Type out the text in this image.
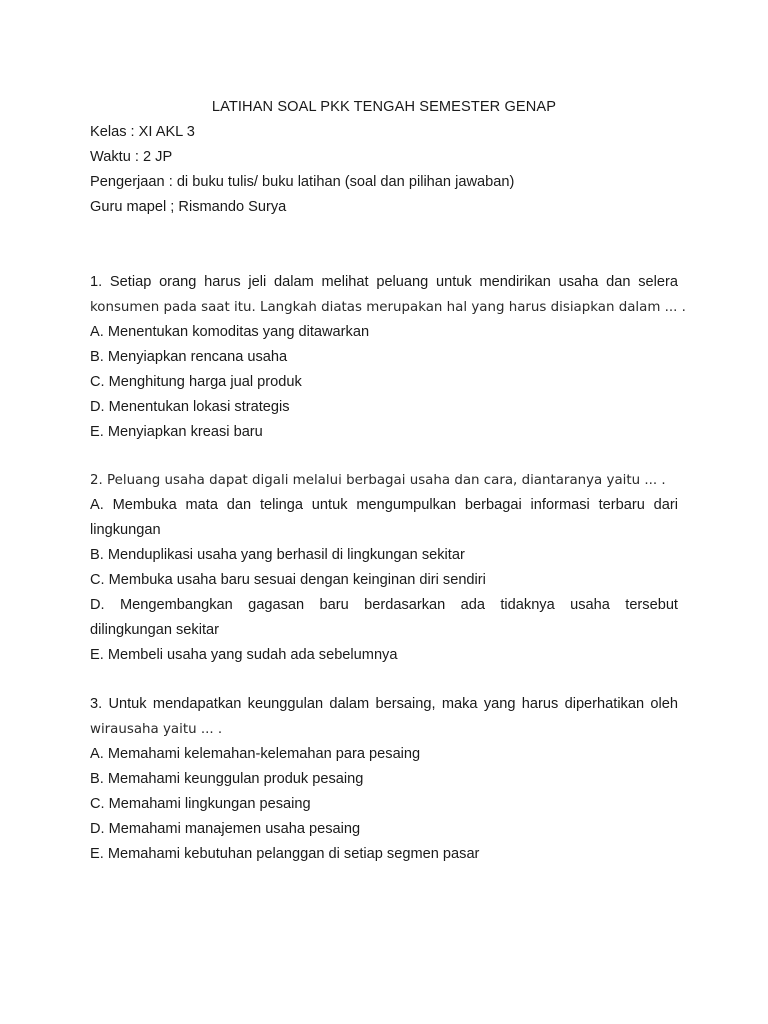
LATIHAN SOAL PKK TENGAH SEMESTER GENAP
Kelas : XI AKL 3
Waktu : 2 JP
Pengerjaan : di buku tulis/ buku latihan (soal dan pilihan jawaban)
Guru mapel ; Rismando Surya
1. Setiap orang harus jeli dalam melihat peluang untuk mendirikan usaha dan selera
konsumen pada saat itu. Langkah diatas merupakan hal yang harus disiapkan dalam ... .
A. Menentukan komoditas yang ditawarkan
B. Menyiapkan rencana usaha
C. Menghitung harga jual produk
D. Menentukan lokasi strategis
E. Menyiapkan kreasi baru
2. Peluang usaha dapat digali melalui berbagai usaha dan cara, diantaranya yaitu ... .
A. Membuka mata dan telinga untuk mengumpulkan berbagai informasi terbaru dari
lingkungan
B. Menduplikasi usaha yang berhasil di lingkungan sekitar
C. Membuka usaha baru sesuai dengan keinginan diri sendiri
D. Mengembangkan gagasan baru berdasarkan ada tidaknya usaha tersebut
dilingkungan sekitar
E. Membeli usaha yang sudah ada sebelumnya
3. Untuk mendapatkan keunggulan dalam bersaing, maka yang harus diperhatikan oleh
wirausaha yaitu ... .
A. Memahami kelemahan-kelemahan para pesaing
B. Memahami keunggulan produk pesaing
C. Memahami lingkungan pesaing
D. Memahami manajemen usaha pesaing
E. Memahami kebutuhan pelanggan di setiap segmen pasar
